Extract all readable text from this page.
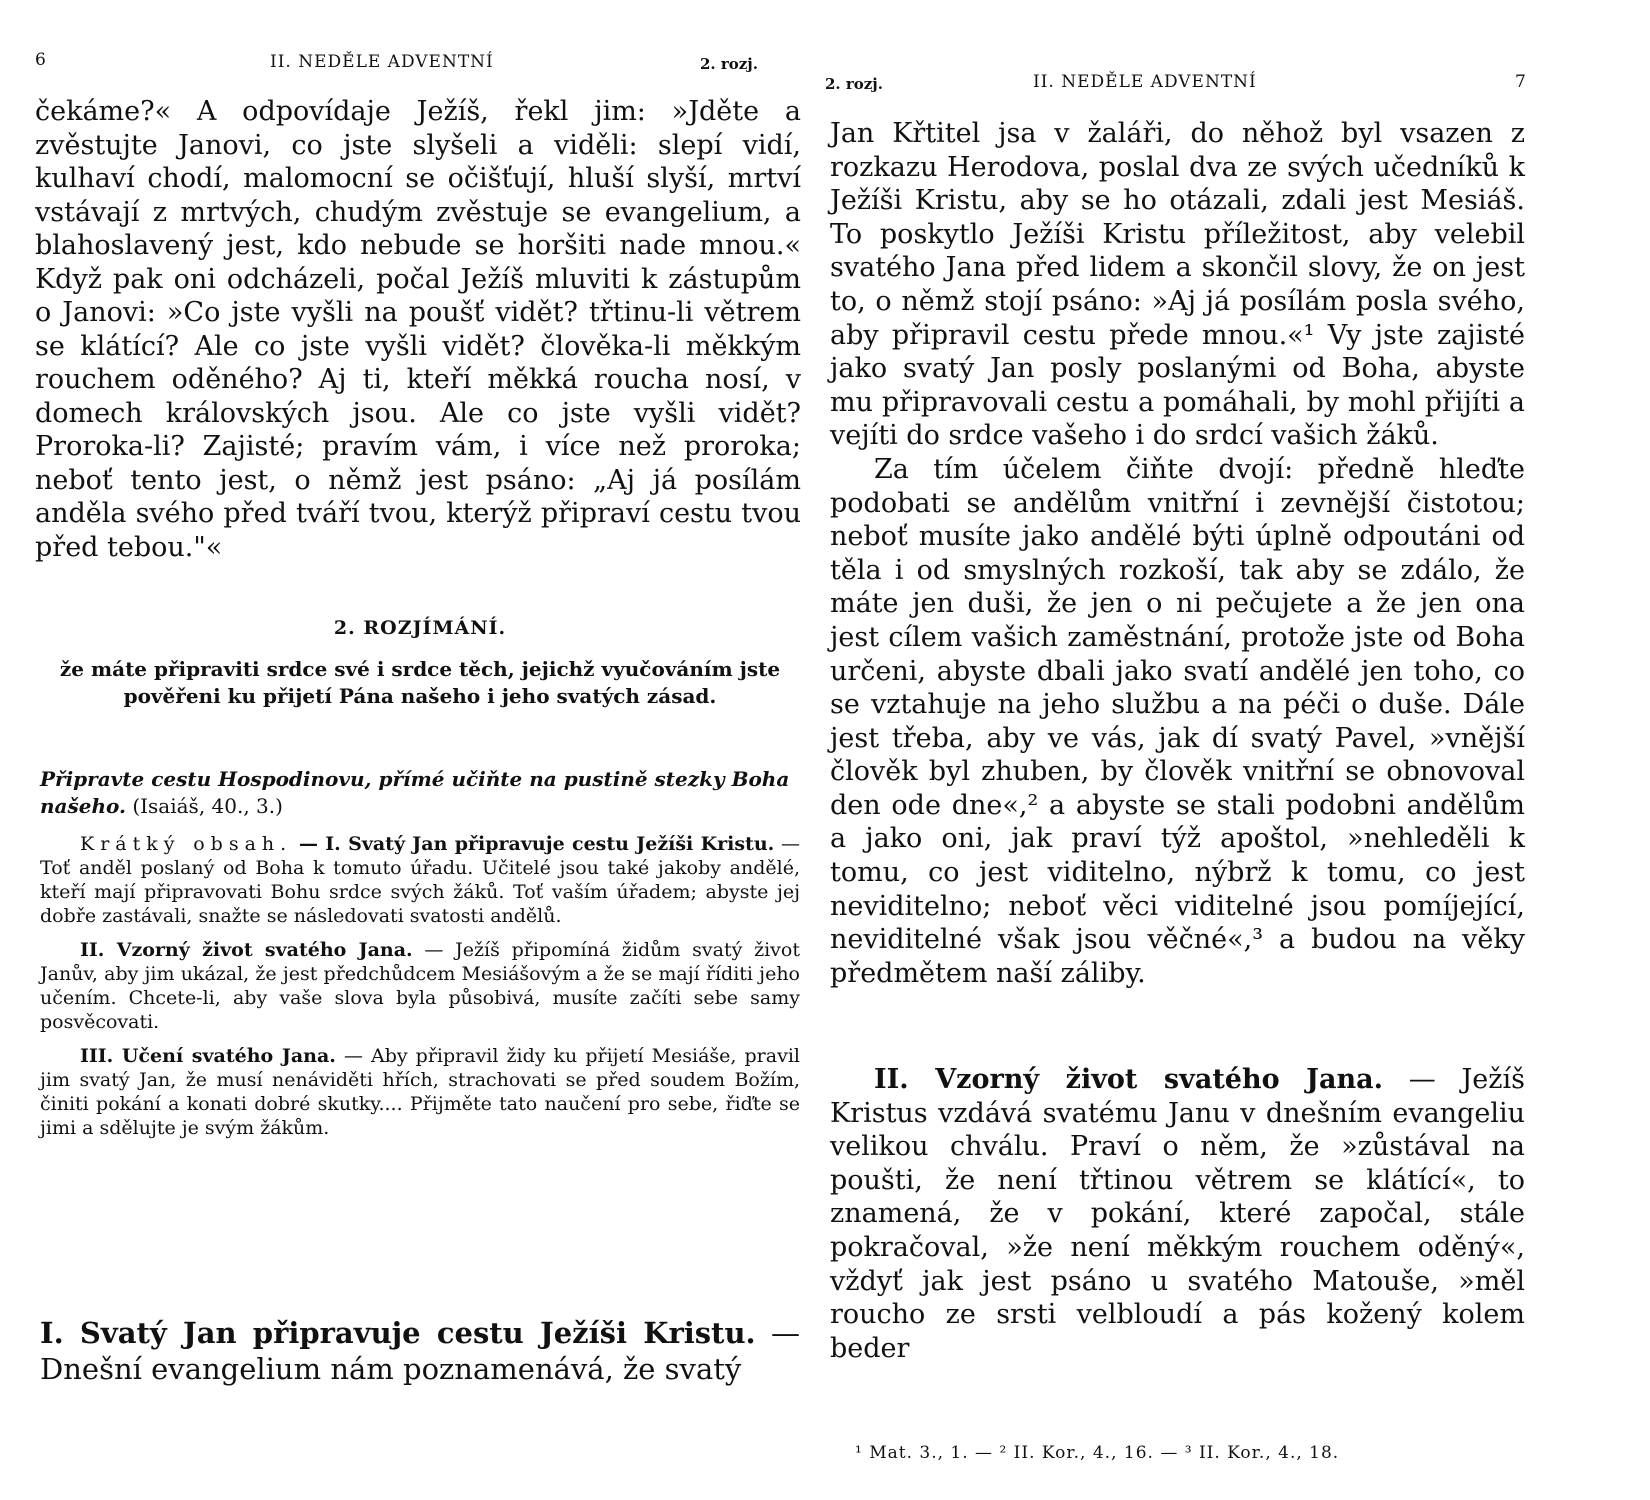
6	II. NEDĚLE ADVENTNÍ	2. rozj.

čekáme?« A odpovídaje Ježíš, řekl jim: »Jděte a zvěstujte Janovi, co jste slyšeli a viděli: slepí vidí, kulhaví chodí, malomocní se očišťují, hluší slyší, mrtví vstávají z mrtvých, chudým zvěstuje se evangelium, a blahoslavený jest, kdo nebude se horšiti nade mnou.« Když pak oni odcházeli, počal Ježíš mluviti k zástupům o Janovi: »Co jste vyšli na poušť vidět? třtinu-li větrem se klátící? Ale co jste vyšli vidět? člověka-li měkkým rouchem oděného? Aj ti, kteří měkká roucha nosí, v domech královských jsou. Ale co jste vyšli vidět? Proroka-li? Zajisté; pravím vám, i více než proroka; neboť tento jest, o němž jest psáno: „Aj já posílám anděla svého před tváří tvou, kterýž připraví cestu tvou před tebou."«

2. ROZJÍMÁNÍ.
že máte připraviti srdce své i srdce těch, jejichž vyučováním jste pověřeni ku přijetí Pána našeho i jeho svatých zásad.
Připravte cestu Hospodinovu, přímé učiňte na pustině stezky Boha našeho. (Isaiáš, 40., 3.)

Krátký obsah. — I. Svatý Jan připravuje cestu Ježíši Kristu. — Toť anděl poslaný od Boha k tomuto úřadu. Učitelé jsou také jakoby andělé, kteří mají připravovati Bohu srdce svých žáků. Toť vaším úřadem; abyste jej dobře zastávali, snažte se následovati svatosti andělů.

II. Vzorný život svatého Jana. — Ježíš připomíná židům svatý život Janův, aby jim ukázal, že jest předchůdcem Mesiášovým a že se mají říditi jeho učením. Chcete-li, aby vaše slova byla působivá, musíte začíti sebe samy posvěcovati.

III. Učení svatého Jana. — Aby připravil židy ku přijetí Mesiáše, pravil jim svatý Jan, že musí nenáviděti hřích, strachovati se před soudem Božím, činiti pokání a konati dobré skutky.... Přijměte tato naučení pro sebe, řiďte se jimi a sdělujte je svým žákům.

I. Svatý Jan připravuje cestu Ježíši Kristu. — Dnešní evangelium nám poznamenává, že svatý
2. rozj.	II. NEDĚLE ADVENTNÍ	7

Jan Křtitel jsa v žaláři, do něhož byl vsazen z rozkazu Herodova, poslal dva ze svých učedníků k Ježíši Kristu, aby se ho otázali, zdali jest Mesiáš. To poskytlo Ježíši Kristu příležitost, aby velebil svatého Jana před lidem a skončil slovy, že on jest to, o němž stojí psáno: »Aj já posílám posla svého, aby připravil cestu přede mnou.«¹ Vy jste zajisté jako svatý Jan posly poslanými od Boha, abyste mu připravovali cestu a pomáhali, by mohl přijíti a vejíti do srdce vašeho i do srdcí vašich žáků.

Za tím účelem čiňte dvojí: předně hleďte podobati se andělům vnitřní i zevnější čistotou; neboť musíte jako andělé býti úplně odpoutáni od těla i od smyslných rozkoší, tak aby se zdálo, že máte jen duši, že jen o ni pečujete a že jen ona jest cílem vašich zaměstnání, protože jste od Boha určeni, abyste dbali jako svatí andělé jen toho, co se vztahuje na jeho službu a na péči o duše. Dále jest třeba, aby ve vás, jak dí svatý Pavel, »vnější člověk byl zhuben, by člověk vnitřní se obnovoval den ode dne«,² a abyste se stali podobni andělům a jako oni, jak praví týž apoštol, »nehleděli k tomu, co jest viditelno, nýbrž k tomu, co jest neviditelno; neboť věci viditelné jsou pomíjející, neviditelné však jsou věčné«,³ a budou na věky předmětem naší záliby.

II. Vzorný život svatého Jana. — Ježíš Kristus vzdává svatému Janu v dnešním evangeliu velikou chválu. Praví o něm, že »zůstával na poušti, že není třtinou větrem se klátící«, to znamená, že v pokání, které započal, stále pokračoval, »že není měkkým rouchem oděný«, vždyť jak jest psáno u svatého Matouše, »měl roucho ze srsti velbloudí a pás kožený kolem beder

¹ Mat. 3., 1. — ² II. Kor., 4., 16. — ³ II. Kor., 4., 18.
